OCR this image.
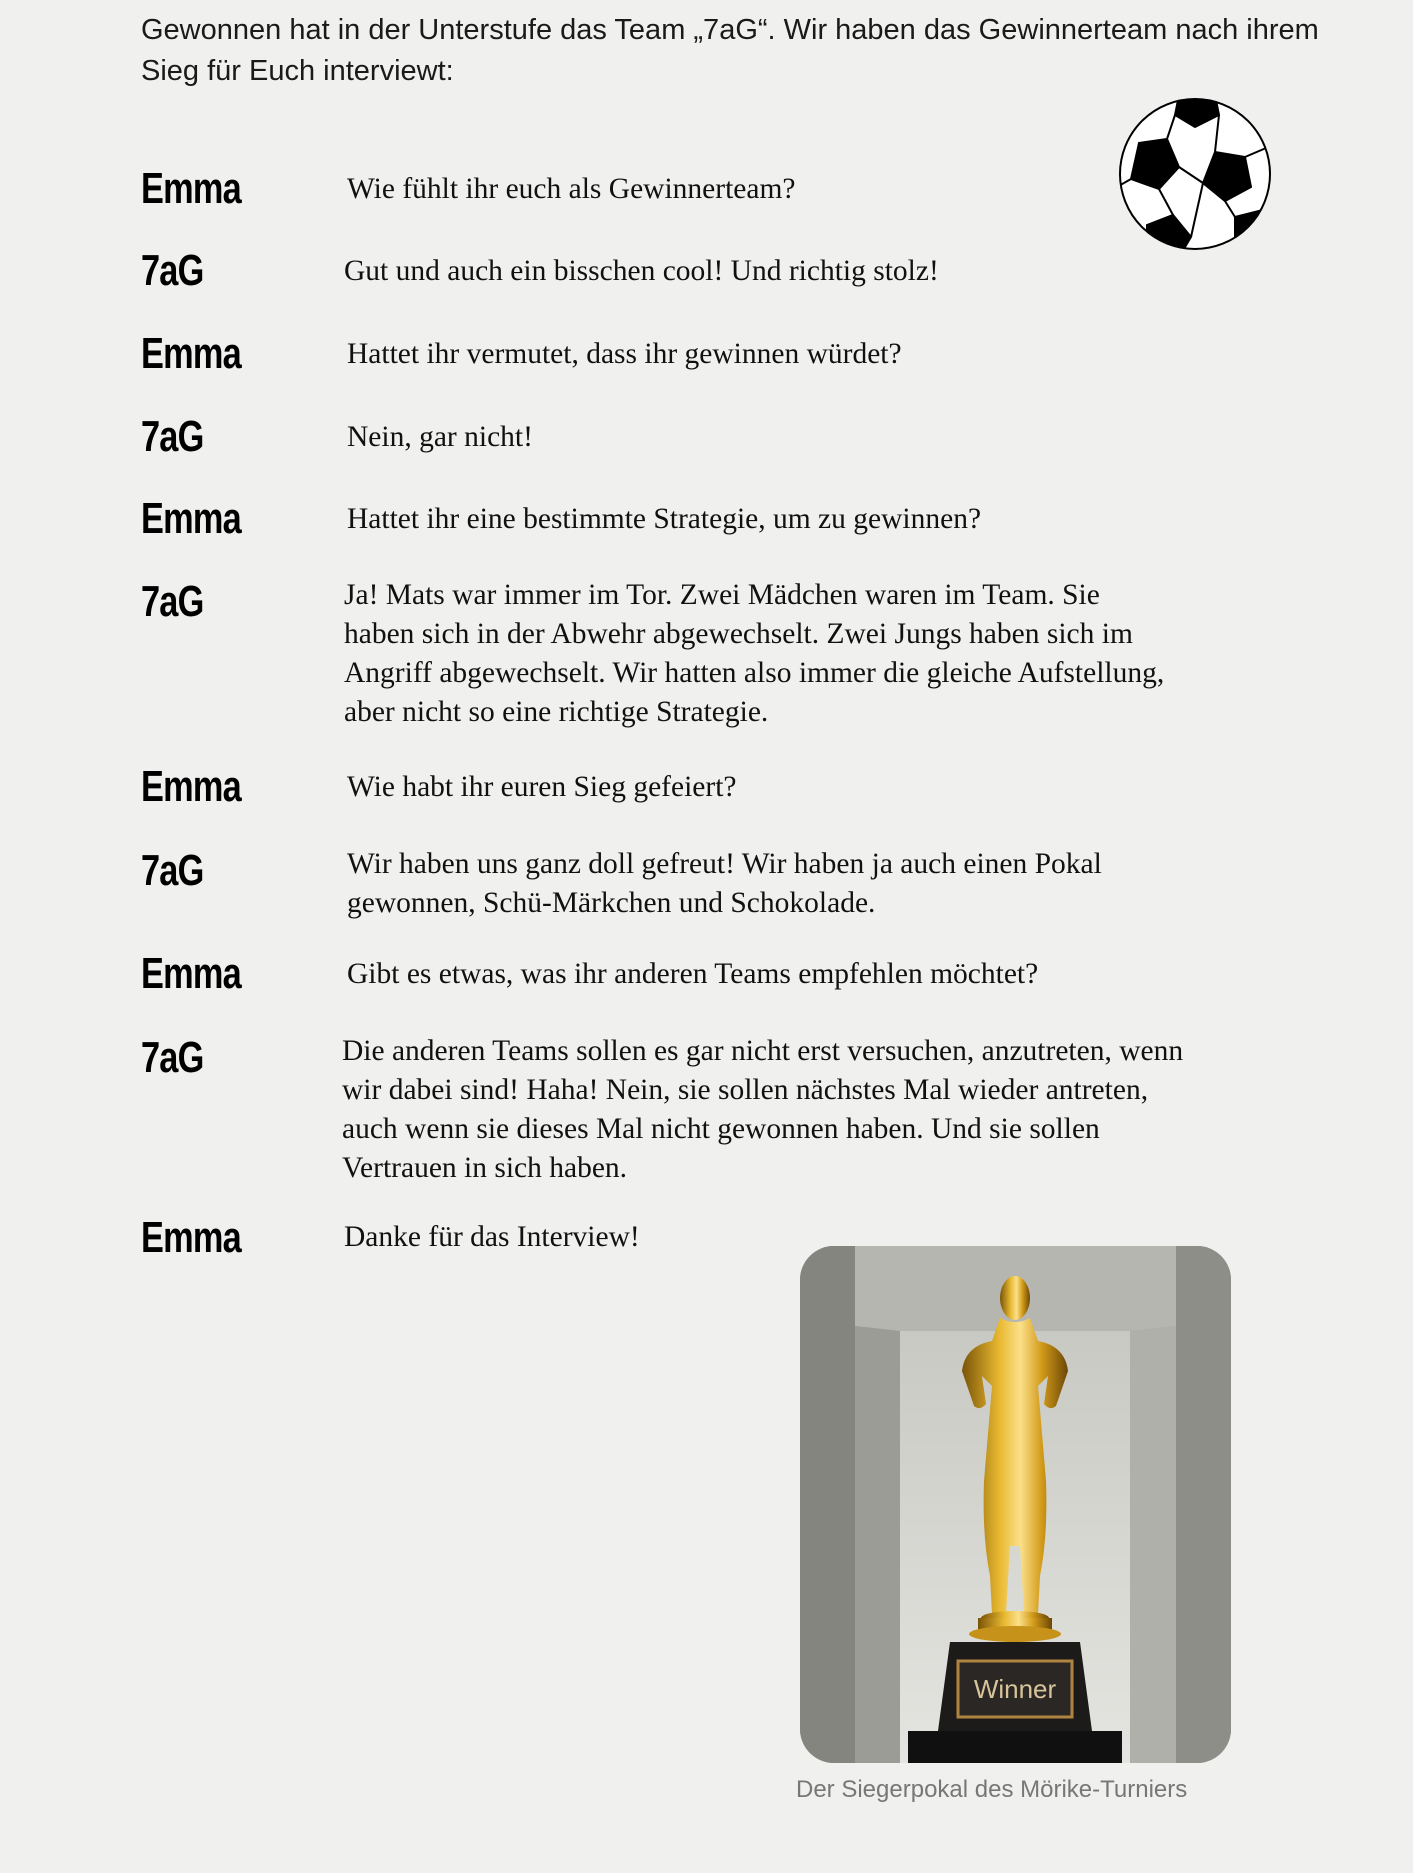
Gewonnen hat in der Unterstufe das Team „7aG“. Wir haben das Gewinnerteam nach ihrem Sieg für Euch interviewt:
Emma	Wie fühlt ihr euch als Gewinnerteam?
7aG	Gut und auch ein bisschen cool! Und richtig stolz!
Emma	Hattet ihr vermutet, dass ihr gewinnen würdet?
7aG	Nein, gar nicht!
Emma	Hattet ihr eine bestimmte Strategie, um zu gewinnen?
7aG	Ja! Mats war immer im Tor. Zwei Mädchen waren im Team. Sie haben sich in der Abwehr abgewechselt. Zwei Jungs haben sich im Angriff abgewechselt. Wir hatten also immer die gleiche Aufstellung, aber nicht so eine richtige Strategie.
Emma	Wie habt ihr euren Sieg gefeiert?
7aG	Wir haben uns ganz doll gefreut! Wir haben ja auch einen Pokal gewonnen, Schü-Märkchen und Schokolade.
Emma	Gibt es etwas, was ihr anderen Teams empfehlen möchtet?
7aG	Die anderen Teams sollen es gar nicht erst versuchen, anzutreten, wenn wir dabei sind! Haha! Nein, sie sollen nächstes Mal wieder antreten, auch wenn sie dieses Mal nicht gewonnen haben. Und sie sollen Vertrauen in sich haben.
Emma	Danke für das Interview!
Winner
Der Siegerpokal des Mörike-Turniers
